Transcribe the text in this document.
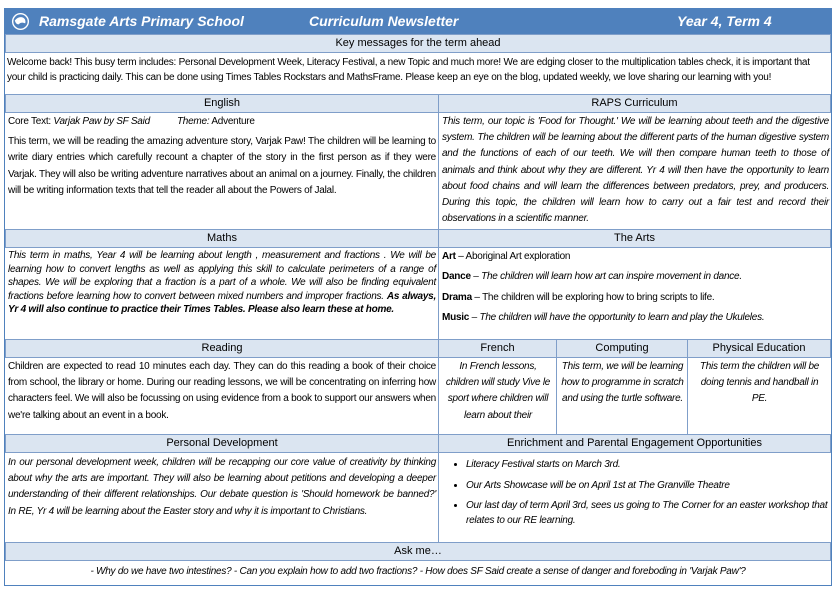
Ramsgate Arts Primary School	Curriculum Newsletter	Year 4, Term 4
Key messages for the term ahead
Welcome back! This busy term includes: Personal Development Week, Literacy Festival, a new Topic and much more! We are edging closer to the multiplication tables check, it is important that your child is practicing daily. This can be done using Times Tables Rockstars and MathsFrame. Please keep an eye on the blog, updated weekly, we love sharing our learning with you!
English	RAPS Curriculum

Core Text: Varjak Paw by SF Said	Theme: Adventure

This term, we will be reading the amazing adventure story, Varjak Paw! The children will be learning to write diary entries which carefully recount a chapter of the story in the first person as if they were Varjak. They will also be writing adventure narratives about an animal on a journey. Finally, the children will be writing information texts that tell the reader all about the Powers of Jalal.

This term, our topic is 'Food for Thought.' We will be learning about teeth and the digestive system. The children will be learning about the different parts of the human digestive system and the functions of each of our teeth. We will then compare human teeth to those of animals and think about why they are different. Yr 4 will then have the opportunity to learn about food chains and will learn the differences between predators, prey, and producers. During this topic, the children will learn how to carry out a fair test and record their observations in a scientific manner.
Maths	The Arts
This term in maths, Year 4 will be learning about length , measurement and fractions . We will be learning how to convert lengths as well as applying this skill to calculate perimeters of a range of shapes. We will be exploring that a fraction is a part of a whole. We will also be finding equivalent fractions before learning how to convert between mixed numbers and improper fractions. As always, Yr 4 will also continue to practice their Times Tables. Please also learn these at home.

Art – Aboriginal Art exploration

Dance – The children will learn how art can inspire movement in dance.

Drama – The children will be exploring how to bring scripts to life.

Music – The children will have the opportunity to learn and play the Ukuleles.

Reading	French	Computing	Physical Education
Children are expected to read 10 minutes each day. They can do this reading a book of their choice from school, the library or home. During our reading lessons, we will be concentrating on inferring how characters feel. We will also be focussing on using evidence from a book to support our answers when we're talking about an event in a book.
In French lessons, children will study Vive le sport where children will learn about their
This term, we will be learning how to programme in scratch and using the turtle software.
This term the children will be doing tennis and handball in PE.
Personal Development	Enrichment and Parental Engagement Opportunities
In our personal development week, children will be recapping our core value of creativity by thinking about why the arts are important. They will also be learning about petitions and developing a deeper understanding of their different relationships. Our debate question is 'Should homework be banned?' In RE, Yr 4 will be learning about the Easter story and why it is important to Christians.
• Literacy Festival starts on March 3rd.
• Our Arts Showcase will be on April 1st at The Granville Theatre
• Our last day of term April 3rd, sees us going to The Corner for an easter workshop that relates to our RE learning.
Ask me…
- Why do we have two intestines? - Can you explain how to add two fractions? - How does SF Said create a sense of danger and foreboding in 'Varjak Paw'?
